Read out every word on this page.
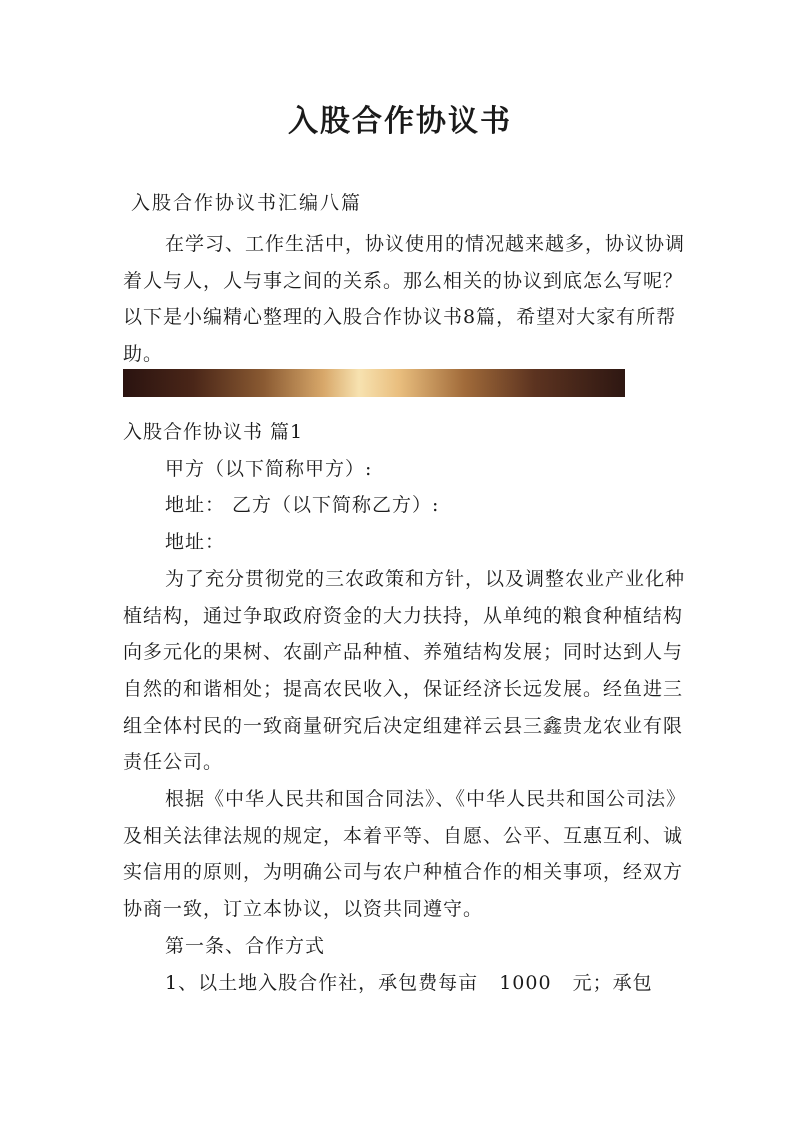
入股合作协议书

入股合作协议书汇编八篇

在学习、工作生活中，协议使用的情况越来越多，协议协调着人与人，人与事之间的关系。那么相关的协议到底怎么写呢？以下是小编精心整理的入股合作协议书8篇，希望对大家有所帮助。

入股合作协议书 篇1

甲方（以下简称甲方）:

地址： 乙方（以下简称乙方）:

地址：

为了充分贯彻党的三农政策和方针，以及调整农业产业化种植结构，通过争取政府资金的大力扶持，从单纯的粮食种植结构向多元化的果树、农副产品种植、养殖结构发展；同时达到人与自然的和谐相处；提高农民收入，保证经济长远发展。经鱼进三组全体村民的一致商量研究后决定组建祥云县三鑫贵龙农业有限责任公司。

根据《中华人民共和国合同法》、《中华人民共和国公司法》及相关法律法规的规定，本着平等、自愿、公平、互惠互利、诚实信用的原则，为明确公司与农户种植合作的相关事项，经双方协商一致，订立本协议，以资共同遵守。

第一条、合作方式

1、以土地入股合作社，承包费每亩   1000   元；承包
